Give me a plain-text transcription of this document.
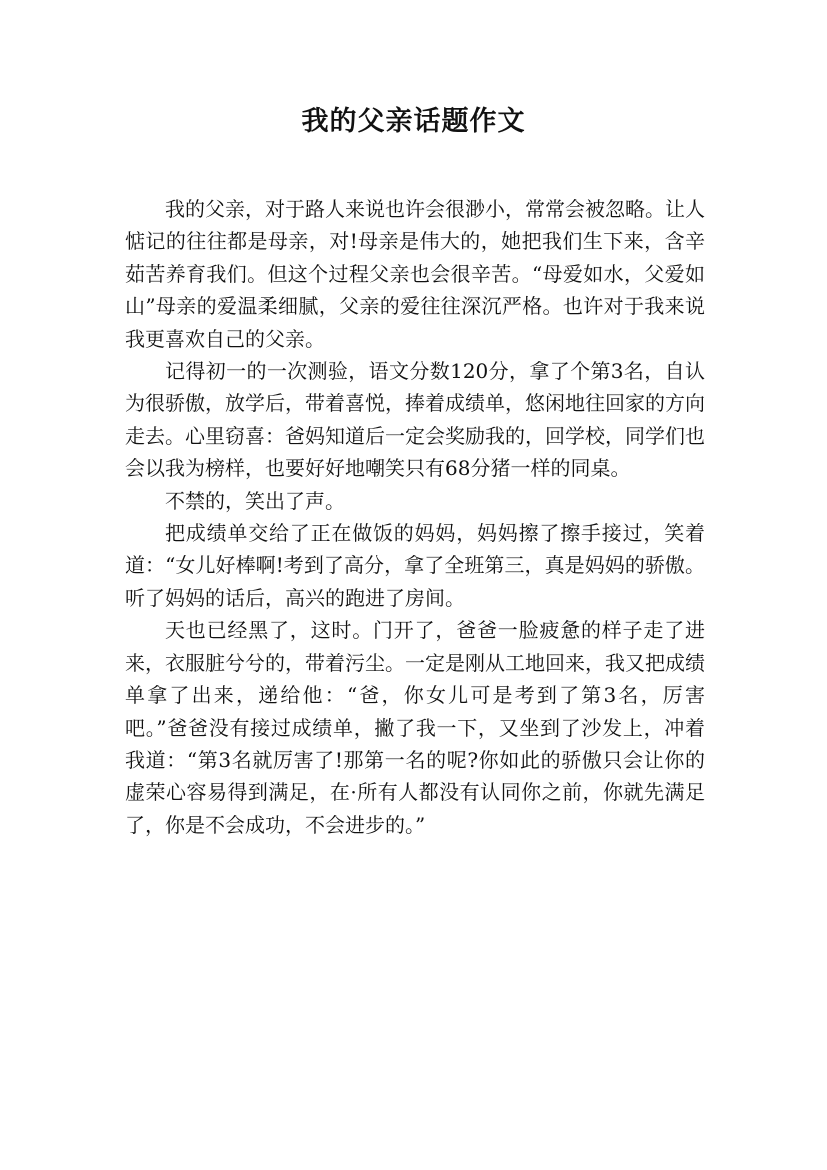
我的父亲话题作文

我的父亲，对于路人来说也许会很渺小，常常会被忽略。让人惦记的往往都是母亲，对!母亲是伟大的，她把我们生下来，含辛茹苦养育我们。但这个过程父亲也会很辛苦。“母爱如水，父爱如山”母亲的爱温柔细腻，父亲的爱往往深沉严格。也许对于我来说我更喜欢自己的父亲。

记得初一的一次测验，语文分数120分，拿了个第3名，自认为很骄傲，放学后，带着喜悦，捧着成绩单，悠闲地往回家的方向走去。心里窃喜：爸妈知道后一定会奖励我的，回学校，同学们也会以我为榜样，也要好好地嘲笑只有68分猪一样的同桌。

不禁的，笑出了声。

把成绩单交给了正在做饭的妈妈，妈妈擦了擦手接过，笑着道：“女儿好棒啊!考到了高分，拿了全班第三，真是妈妈的骄傲。听了妈妈的话后，高兴的跑进了房间。

天也已经黑了，这时。门开了，爸爸一脸疲惫的样子走了进来，衣服脏兮兮的，带着污尘。一定是刚从工地回来，我又把成绩单拿了出来，递给他：“爸，你女儿可是考到了第3名，厉害吧。”爸爸没有接过成绩单，撇了我一下，又坐到了沙发上，冲着我道：“第3名就厉害了!那第一名的呢?你如此的骄傲只会让你的虚荣心容易得到满足，在·所有人都没有认同你之前，你就先满足了，你是不会成功，不会进步的。”
